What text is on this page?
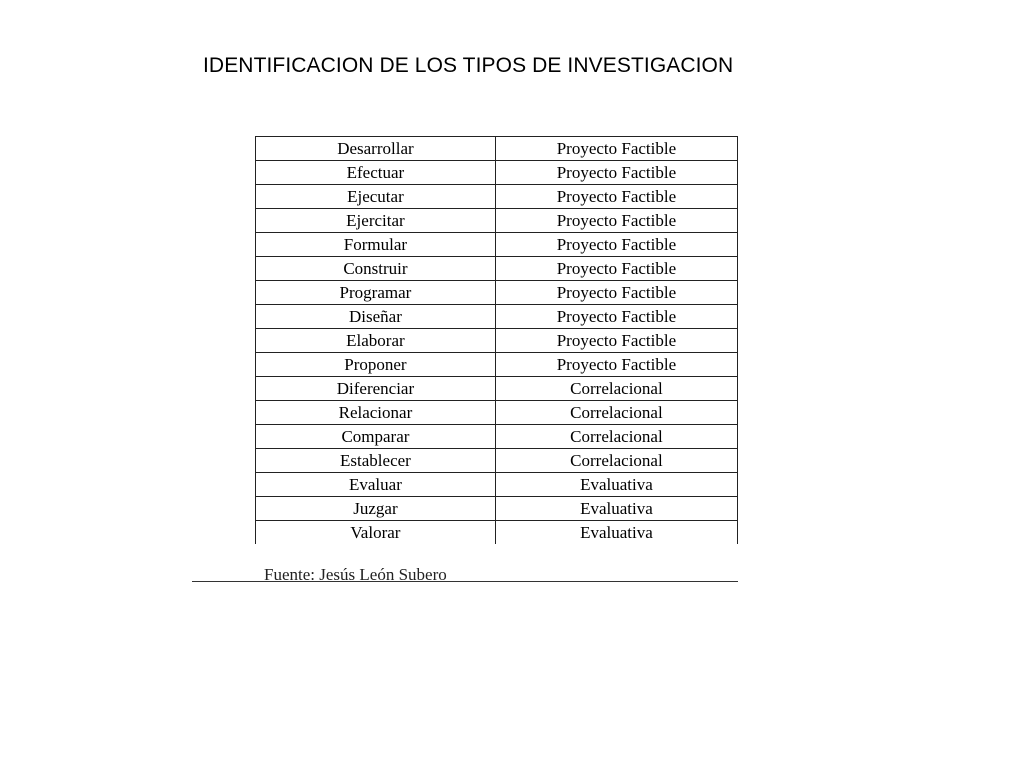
IDENTIFICACION DE LOS TIPOS DE INVESTIGACION
Desarrollar	Proyecto Factible
Efectuar	Proyecto Factible
Ejecutar	Proyecto Factible
Ejercitar	Proyecto Factible
Formular	Proyecto Factible
Construir	Proyecto Factible
Programar	Proyecto Factible
Diseñar	Proyecto Factible
Elaborar	Proyecto Factible
Proponer	Proyecto Factible
Diferenciar	Correlacional
Relacionar	Correlacional
Comparar	Correlacional
Establecer	Correlacional
Evaluar	Evaluativa
Juzgar	Evaluativa
Valorar	Evaluativa
Fuente: Jesús León Subero
